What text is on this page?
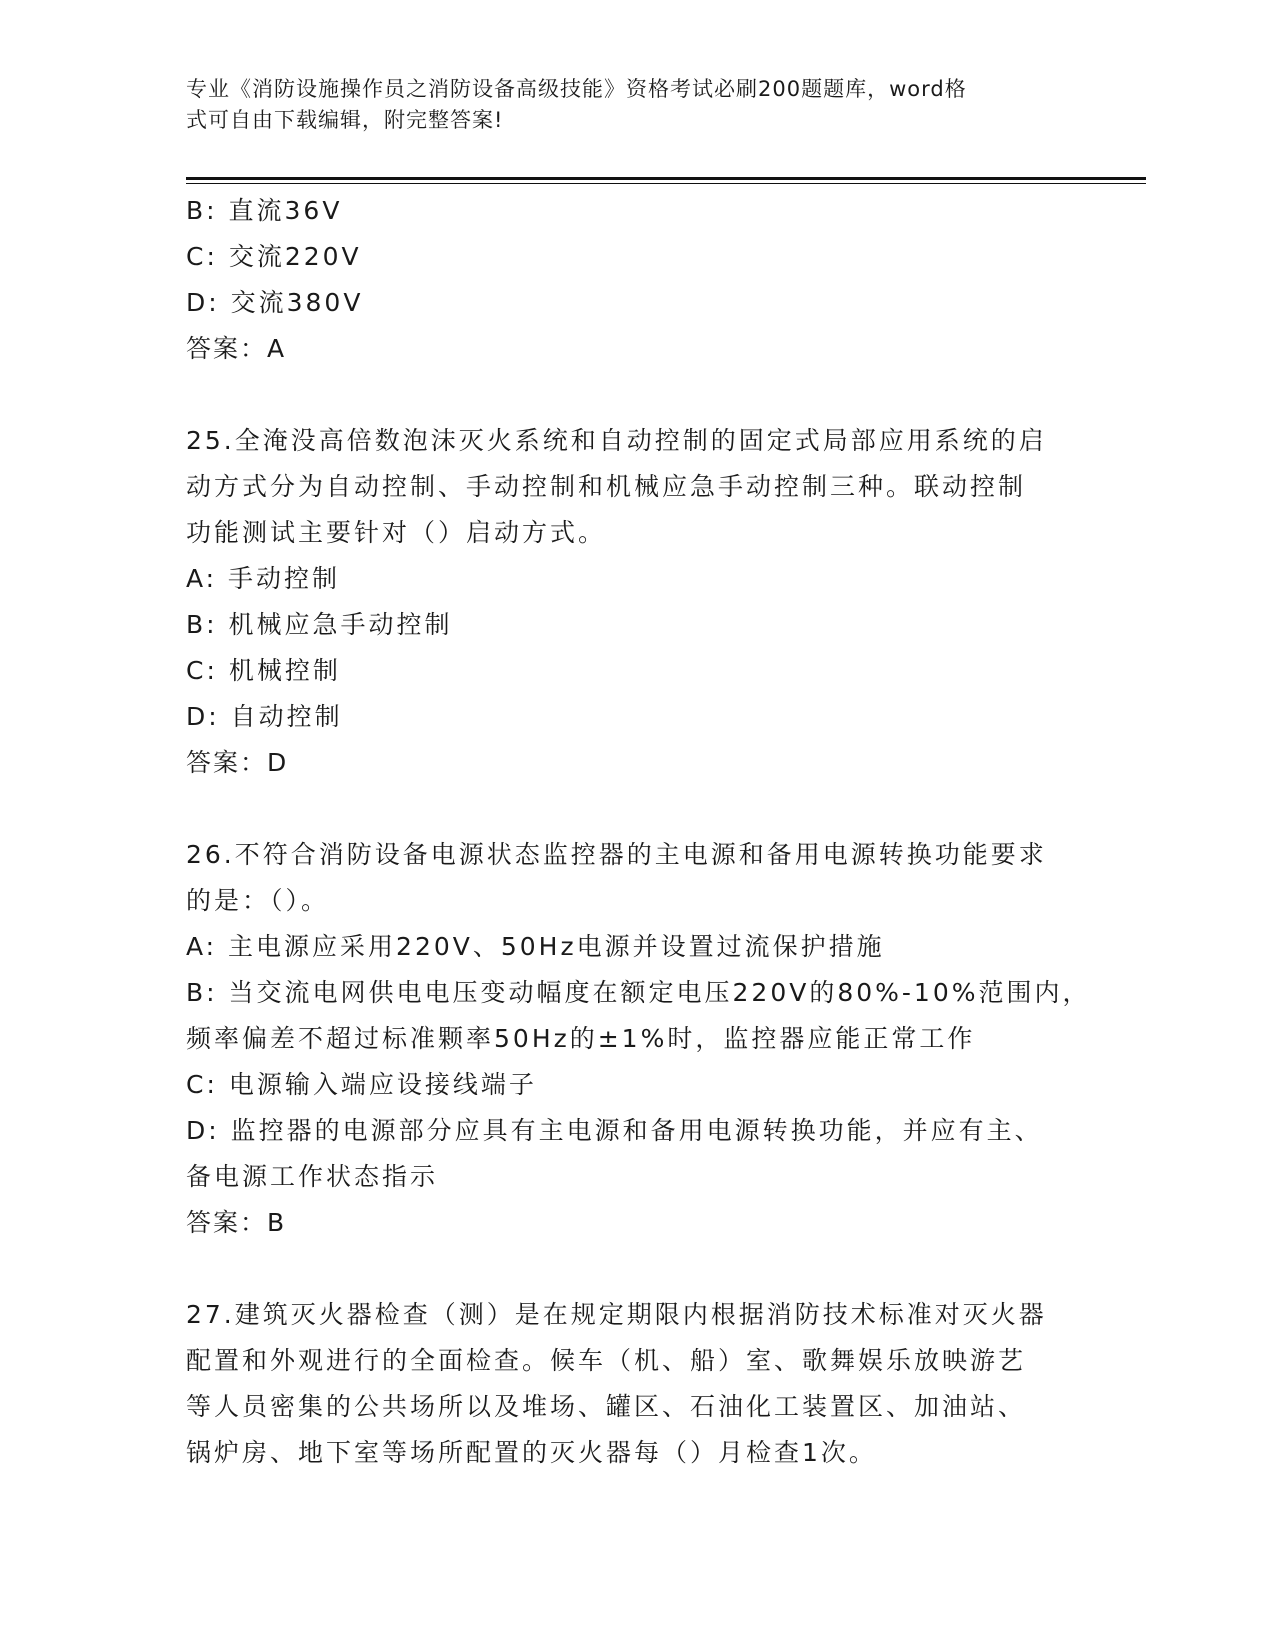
专业《消防设施操作员之消防设备高级技能》资格考试必刷200题题库，word格
式可自由下载编辑，附完整答案!
B: 直流36V
C: 交流220V
D: 交流380V
答案：A
25.全淹没高倍数泡沫灭火系统和自动控制的固定式局部应用系统的启
动方式分为自动控制、手动控制和机械应急手动控制三种。联动控制
功能测试主要针对（）启动方式。
A: 手动控制
B: 机械应急手动控制
C: 机械控制
D: 自动控制
答案：D
26.不符合消防设备电源状态监控器的主电源和备用电源转换功能要求
的是：（）。
A: 主电源应采用220V、50Hz电源并设置过流保护措施
B: 当交流电网供电电压变动幅度在额定电压220V的80%-10%范围内，
频率偏差不超过标准颗率50Hz的±1%时，监控器应能正常工作
C: 电源输入端应设接线端子
D: 监控器的电源部分应具有主电源和备用电源转换功能，并应有主、
备电源工作状态指示
答案：B
27.建筑灭火器检查（测）是在规定期限内根据消防技术标准对灭火器
配置和外观进行的全面检查。候车（机、船）室、歌舞娱乐放映游艺
等人员密集的公共场所以及堆场、罐区、石油化工装置区、加油站、
锅炉房、地下室等场所配置的灭火器每（）月检查1次。
